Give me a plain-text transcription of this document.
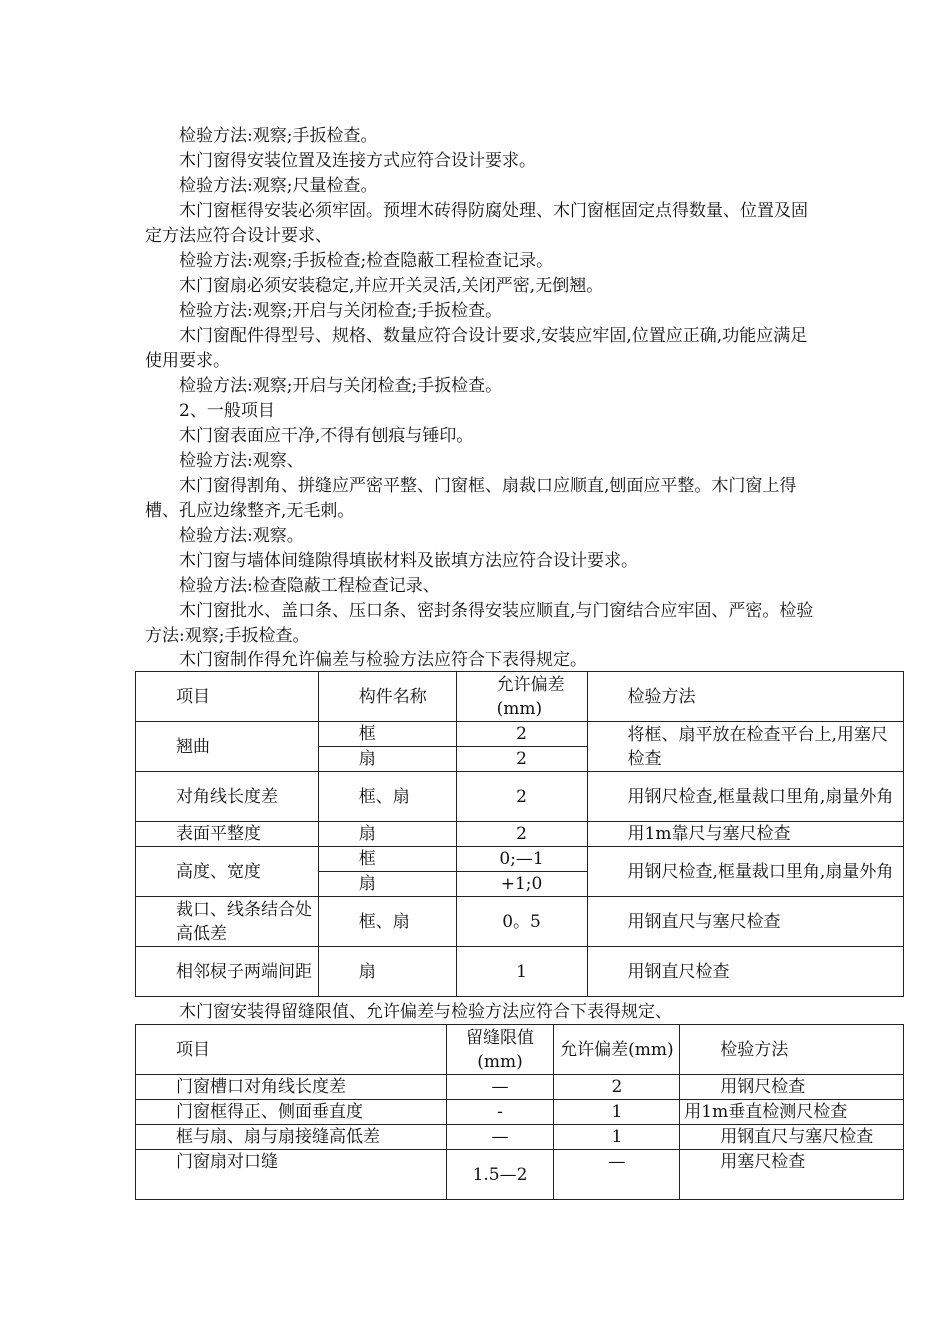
检验方法:观察;手扳检查。

木门窗得安装位置及连接方式应符合设计要求。

检验方法:观察;尺量检查。

木门窗框得安装必须牢固。预埋木砖得防腐处理、木门窗框固定点得数量、位置及固定方法应符合设计要求、

检验方法:观察;手扳检查;检查隐蔽工程检查记录。

木门窗扇必须安装稳定,并应开关灵活,关闭严密,无倒翘。

检验方法:观察;开启与关闭检查;手扳检查。

木门窗配件得型号、规格、数量应符合设计要求,安装应牢固,位置应正确,功能应满足使用要求。

检验方法:观察;开启与关闭检查;手扳检查。

2、一般项目

木门窗表面应干净,不得有刨痕与锤印。

检验方法:观察、

木门窗得割角、拼缝应严密平整、门窗框、扇裁口应顺直,刨面应平整。木门窗上得槽、孔应边缘整齐,无毛刺。

检验方法:观察。

木门窗与墙体间缝隙得填嵌材料及嵌填方法应符合设计要求。

检验方法:检查隐蔽工程检查记录、

木门窗批水、盖口条、压口条、密封条得安装应顺直,与门窗结合应牢固、严密。检验方法:观察;手扳检查。

木门窗制作得允许偏差与检验方法应符合下表得规定。

项目	构件名称	允许偏差(mm)	检验方法
翘曲	框	2	将框、扇平放在检查平台上,用塞尺检查
	扇	2	
对角线长度差	框、扇	2	用钢尺检查,框量裁口里角,扇量外角
表面平整度	扇	2	用1m靠尺与塞尺检查
高度、宽度	框	0;—1	用钢尺检查,框量裁口里角,扇量外角
	扇	+1;0	
裁口、线条结合处高低差	框、扇	0。5	用钢直尺与塞尺检查
相邻棂子两端间距	扇	1	用钢直尺检查

木门窗安装得留缝限值、允许偏差与检验方法应符合下表得规定、

项目	留缝限值(mm)	允许偏差(mm)	检验方法
门窗槽口对角线长度差	—	2	用钢尺检查
门窗框得正、侧面垂直度	-	1	用1m垂直检测尺检查
框与扇、扇与扇接缝高低差	—	1	用钢直尺与塞尺检查
门窗扇对口缝	1.5—2	—	用塞尺检查
